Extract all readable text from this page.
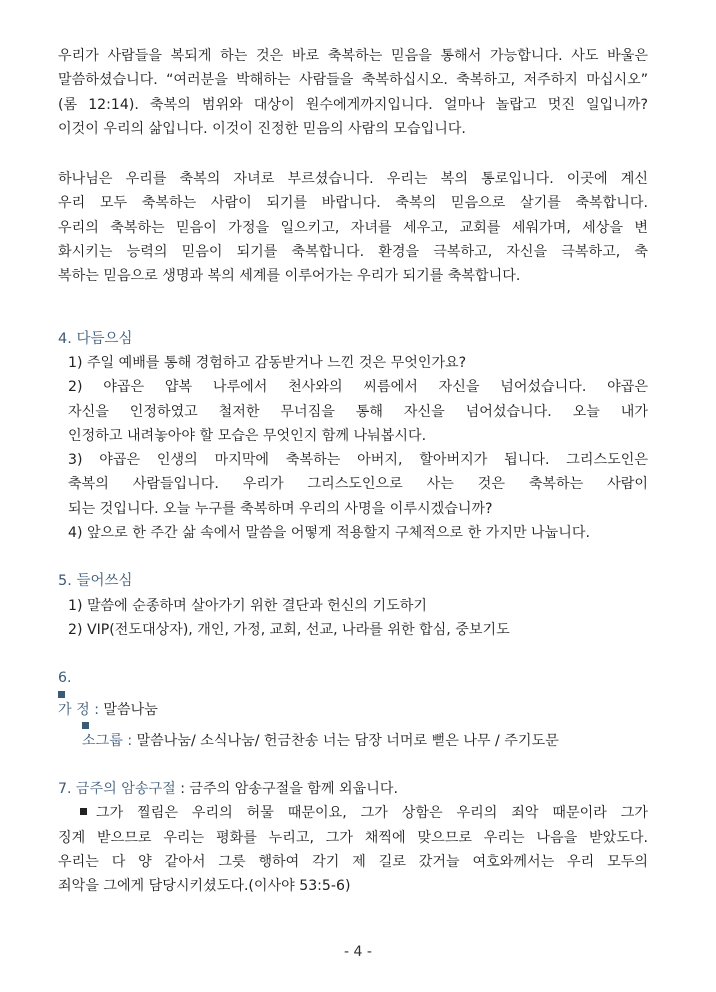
우리가 사람들을 복되게 하는 것은 바로 축복하는 믿음을 통해서 가능합니다. 사도 바울은
말씀하셨습니다. “여러분을 박해하는 사람들을 축복하십시오. 축복하고, 저주하지 마십시오”
(롬 12:14). 축복의 범위와 대상이 원수에게까지입니다. 얼마나 놀랍고 멋진 일입니까?
이것이 우리의 삶입니다. 이것이 진정한 믿음의 사람의 모습입니다.
하나님은 우리를 축복의 자녀로 부르셨습니다. 우리는 복의 통로입니다. 이곳에 계신
우리 모두 축복하는 사람이 되기를 바랍니다. 축복의 믿음으로 살기를 축복합니다.
우리의 축복하는 믿음이 가정을 일으키고, 자녀를 세우고, 교회를 세워가며, 세상을 변
화시키는 능력의 믿음이 되기를 축복합니다. 환경을 극복하고, 자신을 극복하고, 축
복하는 믿음으로 생명과 복의 세계를 이루어가는 우리가 되기를 축복합니다.
4. 다듬으심
1) 주일 예배를 통해 경험하고 감동받거나 느낀 것은 무엇인가요?
2) 야곱은 얍복 나루에서 천사와의 씨름에서 자신을 넘어섰습니다. 야곱은
자신을 인정하였고 철저한 무너짐을 통해 자신을 넘어섰습니다. 오늘 내가
인정하고 내려놓아야 할 모습은 무엇인지 함께 나눠봅시다.
3) 야곱은 인생의 마지막에 축복하는 아버지, 할아버지가 됩니다. 그리스도인은
축복의 사람들입니다. 우리가 그리스도인으로 사는 것은 축복하는 사람이
되는 것입니다. 오늘 누구를 축복하며 우리의 사명을 이루시겠습니까?
4) 앞으로 한 주간 삶 속에서 말씀을 어떻게 적용할지 구체적으로 한 가지만 나눕니다.
5. 들어쓰심
1) 말씀에 순종하며 살아가기 위한 결단과 헌신의 기도하기
2) VIP(전도대상자), 개인, 가정, 교회, 선교, 나라를 위한 합심, 중보기도
6.
가 정 : 말씀나눔
소그룹 : 말씀나눔/ 소식나눔/ 헌금찬송 너는 담장 너머로 뻗은 나무 / 주기도문
7. 금주의 암송구절 : 금주의 암송구절을 함께 외웁니다.
그가 찔림은 우리의 허물 때문이요, 그가 상함은 우리의 죄악 때문이라 그가
징계 받으므로 우리는 평화를 누리고, 그가 채찍에 맞으므로 우리는 나음을 받았도다.
우리는 다 양 같아서 그릇 행하여 각기 제 길로 갔거늘 여호와께서는 우리 모두의
죄악을 그에게 담당시키셨도다.(이사야 53:5-6)
- 4 -
